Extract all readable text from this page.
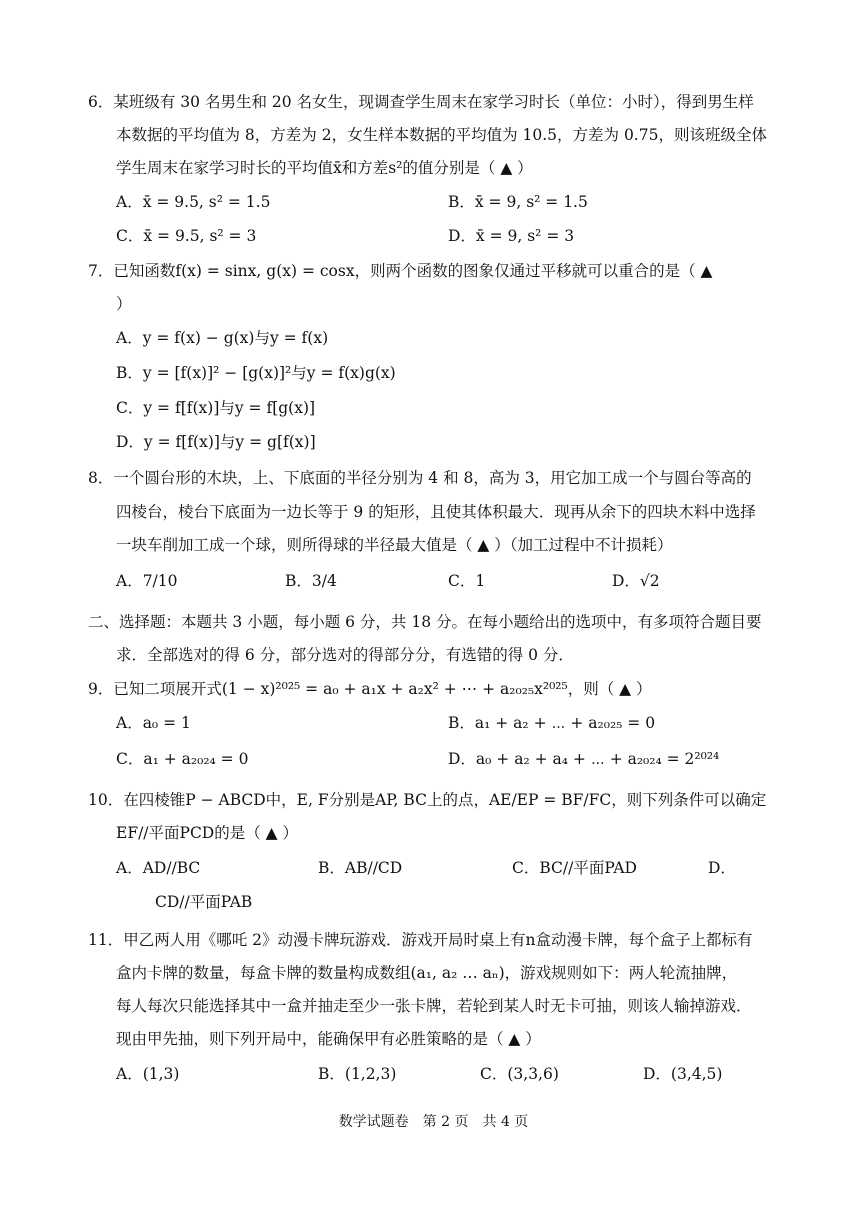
6．某班级有 30 名男生和 20 名女生，现调查学生周末在家学习时长（单位：小时），得到男生样
本数据的平均值为 8，方差为 2，女生样本数据的平均值为 10.5，方差为 0.75，则该班级全体
学生周末在家学习时长的平均值x̄和方差s²的值分别是（ ▲ ）
A．x̄ = 9.5, s² = 1.5	B．x̄ = 9, s² = 1.5
C．x̄ = 9.5, s² = 3	D．x̄ = 9, s² = 3
7．已知函数f(x) = sinx, g(x) = cosx，则两个函数的图象仅通过平移就可以重合的是（ ▲
）
A．y = f(x) − g(x)与y = f(x)
B．y = [f(x)]² − [g(x)]²与y = f(x)g(x)
C．y = f[f(x)]与y = f[g(x)]
D．y = f[f(x)]与y = g[f(x)]
8．一个圆台形的木块，上、下底面的半径分别为 4 和 8，高为 3，用它加工成一个与圆台等高的
四棱台，棱台下底面为一边长等于 9 的矩形，且使其体积最大．现再从余下的四块木料中选择
一块车削加工成一个球，则所得球的半径最大值是（ ▲ ）（加工过程中不计损耗）
A．7/10	B．3/4	C．1	D．√2
二、选择题：本题共 3 小题，每小题 6 分，共 18 分。在每小题给出的选项中，有多项符合题目要
求．全部选对的得 6 分，部分选对的得部分分，有选错的得 0 分．
9．已知二项展开式(1 − x)²⁰²⁵ = a₀ + a₁x + a₂x² + ⋯ + a₂₀₂₅x²⁰²⁵，则（ ▲ ）
A．a₀ = 1	B．a₁ + a₂ + ⋯ + a₂₀₂₅ = 0
C．a₁ + a₂₀₂₄ = 0	D．a₀ + a₂ + a₄ + ⋯ + a₂₀₂₄ = 2²⁰²⁴
10．在四棱锥P − ABCD中，E, F分别是AP, BC上的点，AE/EP = BF/FC，则下列条件可以确定
EF//平面PCD的是（ ▲ ）
A．AD//BC	B．AB//CD	C．BC//平面PAD	D．
CD//平面PAB
11．甲乙两人用《哪吒 2》动漫卡牌玩游戏．游戏开局时桌上有n盒动漫卡牌，每个盒子上都标有
盒内卡牌的数量，每盒卡牌的数量构成数组(a₁, a₂ … aₙ)，游戏规则如下：两人轮流抽牌，
每人每次只能选择其中一盒并抽走至少一张卡牌，若轮到某人时无卡可抽，则该人输掉游戏．
现由甲先抽，则下列开局中，能确保甲有必胜策略的是（ ▲ ）
A．(1,3)	B．(1,2,3)	C．(3,3,6)	D．(3,4,5)
数学试题卷　第 2 页　共 4 页
